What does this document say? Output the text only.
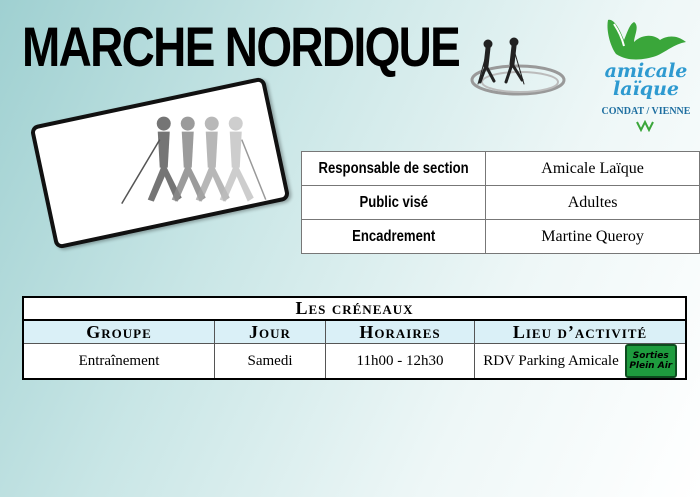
MARCHE NORDIQUE	amicale
laïque
CONDAT / VIENNE
Responsable de section	Amicale Laïque
Public visé	Adultes
Encadrement	Martine Queroy
Les créneaux			
Groupe	Jour	Horaires	Lieu d’activité
Entraînement	Samedi	11h00 - 12h30	RDV Parking Amicale Sorties
Plein Air
